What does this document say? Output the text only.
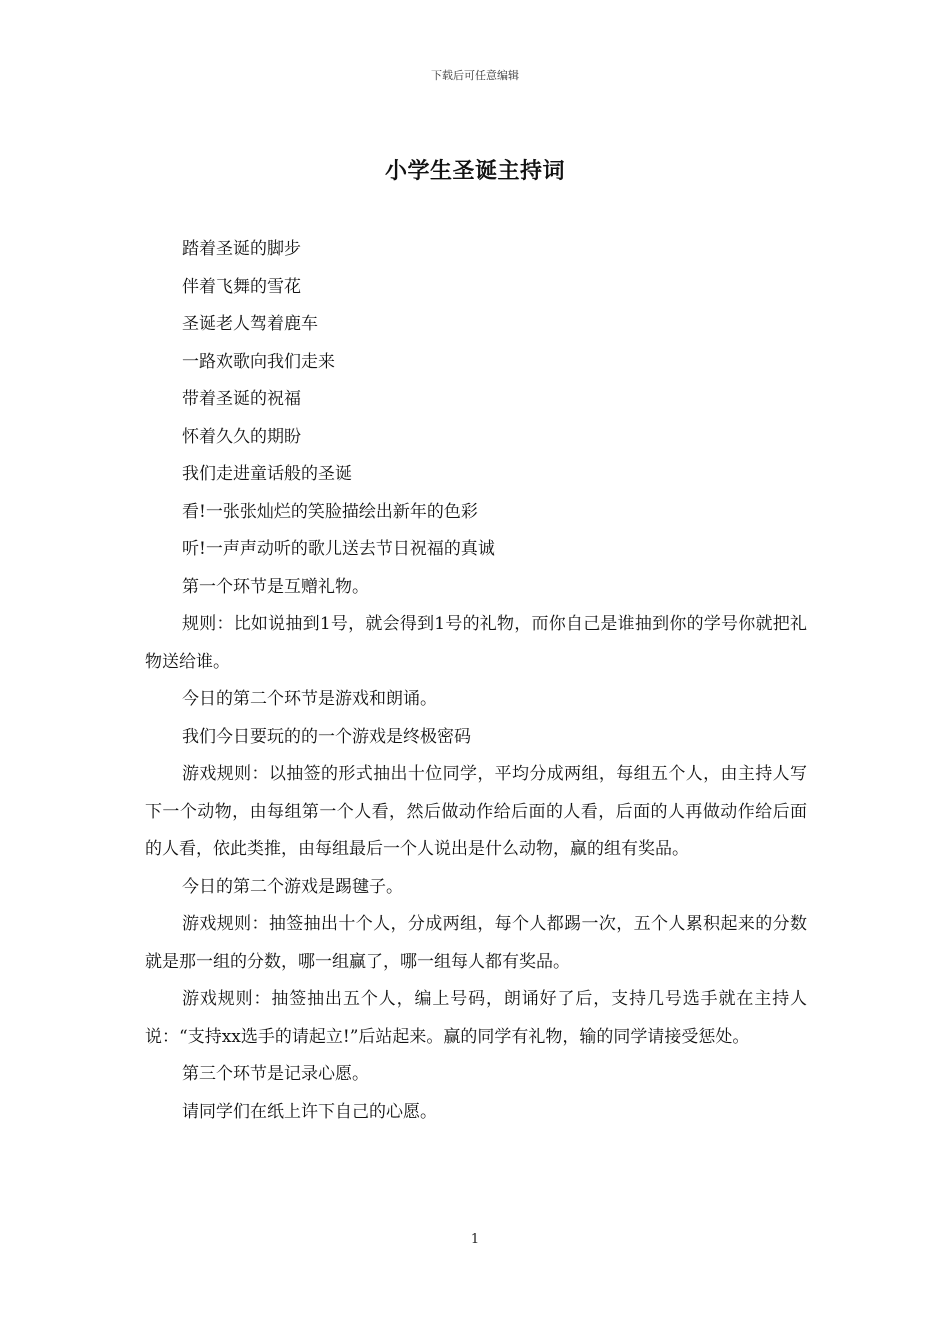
下载后可任意编辑
小学生圣诞主持词

踏着圣诞的脚步

伴着飞舞的雪花

圣诞老人驾着鹿车

一路欢歌向我们走来

带着圣诞的祝福

怀着久久的期盼

我们走进童话般的圣诞

看!一张张灿烂的笑脸描绘出新年的色彩

听!一声声动听的歌儿送去节日祝福的真诚

第一个环节是互赠礼物。

规则：比如说抽到1号，就会得到1号的礼物，而你自己是谁抽到你的学号你就把礼物送给谁。

今日的第二个环节是游戏和朗诵。

我们今日要玩的的一个游戏是终极密码

游戏规则：以抽签的形式抽出十位同学，平均分成两组，每组五个人，由主持人写下一个动物，由每组第一个人看，然后做动作给后面的人看，后面的人再做动作给后面的人看，依此类推，由每组最后一个人说出是什么动物，赢的组有奖品。

今日的第二个游戏是踢毽子。

游戏规则：抽签抽出十个人，分成两组，每个人都踢一次，五个人累积起来的分数就是那一组的分数，哪一组赢了，哪一组每人都有奖品。

游戏规则：抽签抽出五个人，编上号码，朗诵好了后，支持几号选手就在主持人说：“支持xx选手的请起立!”后站起来。赢的同学有礼物，输的同学请接受惩处。

第三个环节是记录心愿。

请同学们在纸上许下自己的心愿。

1
